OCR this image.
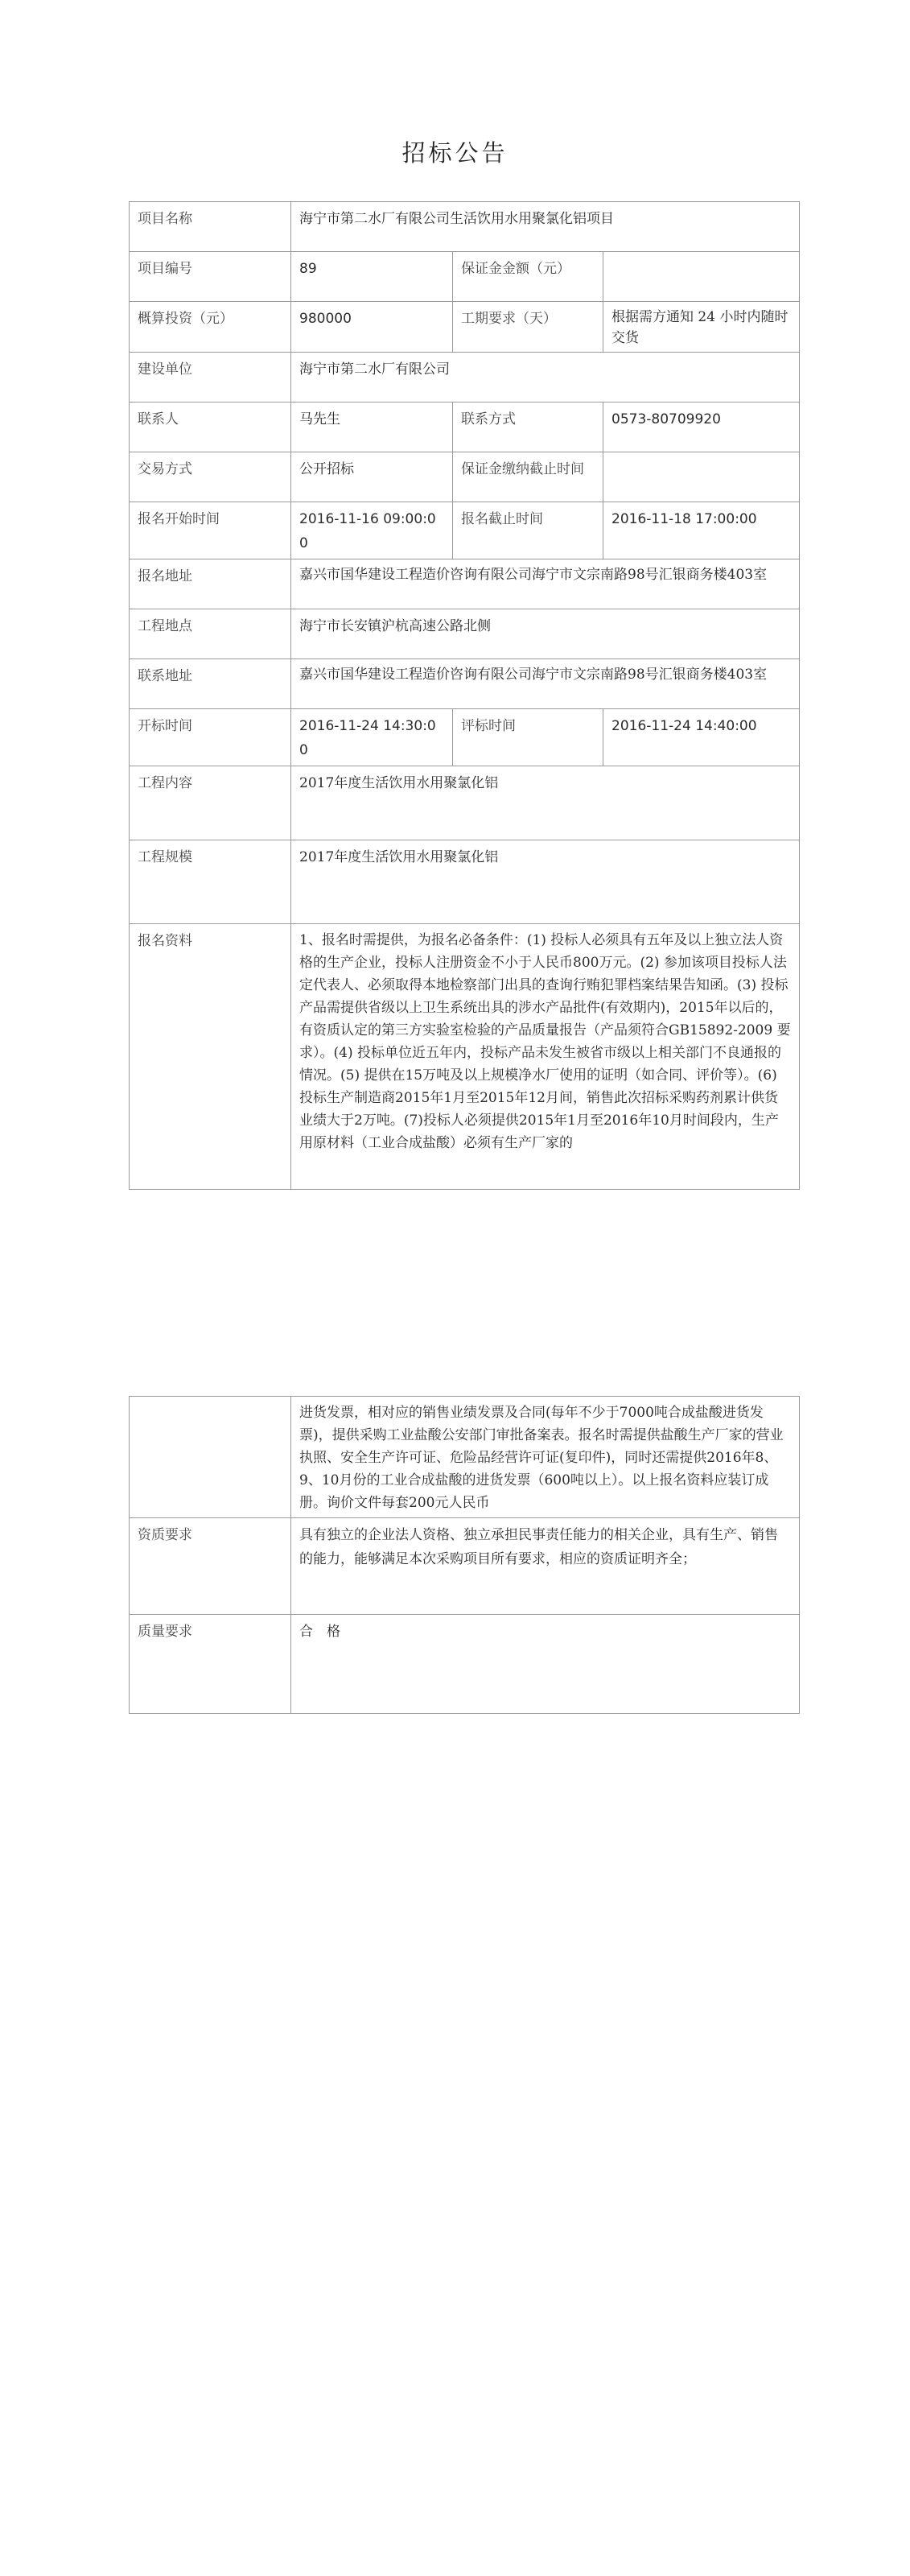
招标公告
项目名称	海宁市第二水厂有限公司生活饮用水用聚氯化铝项目		
项目编号	89	保证金金额（元）	
概算投资（元）	980000	工期要求（天）	根据需方通知 24 小时内随时交货
建设单位	海宁市第二水厂有限公司		
联系人	马先生	联系方式	0573-80709920
交易方式	公开招标	保证金缴纳截止时间	
报名开始时间	2016-11-16 09:00:00	报名截止时间	2016-11-18 17:00:00
报名地址	嘉兴市国华建设工程造价咨询有限公司海宁市文宗南路98号汇银商务楼403室		
工程地点	海宁市长安镇沪杭高速公路北侧		
联系地址	嘉兴市国华建设工程造价咨询有限公司海宁市文宗南路98号汇银商务楼403室		
开标时间	2016-11-24 14:30:00	评标时间	2016-11-24 14:40:00
工程内容	2017年度生活饮用水用聚氯化铝		
工程规模	2017年度生活饮用水用聚氯化铝		
报名资料	1、报名时需提供，为报名必备条件：(1) 投标人必须具有五年及以上独立法人资格的生产企业，投标人注册资金不小于人民币800万元。(2) 参加该项目投标人法定代表人、必须取得本地检察部门出具的查询行贿犯罪档案结果告知函。(3) 投标产品需提供省级以上卫生系统出具的涉水产品批件(有效期内)，2015年以后的，有资质认定的第三方实验室检验的产品质量报告（产品须符合GB15892-2009 要求）。(4) 投标单位近五年内，投标产品未发生被省市级以上相关部门不良通报的情况。(5) 提供在15万吨及以上规模净水厂使用的证明（如合同、评价等）。(6) 投标生产制造商2015年1月至2015年12月间，销售此次招标采购药剂累计供货业绩大于2万吨。(7)投标人必须提供2015年1月至2016年10月时间段内，生产用原材料（工业合成盐酸）必须有生产厂家的		
	进货发票，相对应的销售业绩发票及合同(每年不少于7000吨合成盐酸进货发票)，提供采购工业盐酸公安部门审批备案表。报名时需提供盐酸生产厂家的营业执照、安全生产许可证、危险品经营许可证(复印件)，同时还需提供2016年8、9、10月份的工业合成盐酸的进货发票（600吨以上）。以上报名资料应装订成册。询价文件每套200元人民币
资质要求	具有独立的企业法人资格、独立承担民事责任能力的相关企业，具有生产、销售的能力，能够满足本次采购项目所有要求，相应的资质证明齐全；
质量要求	合　格
